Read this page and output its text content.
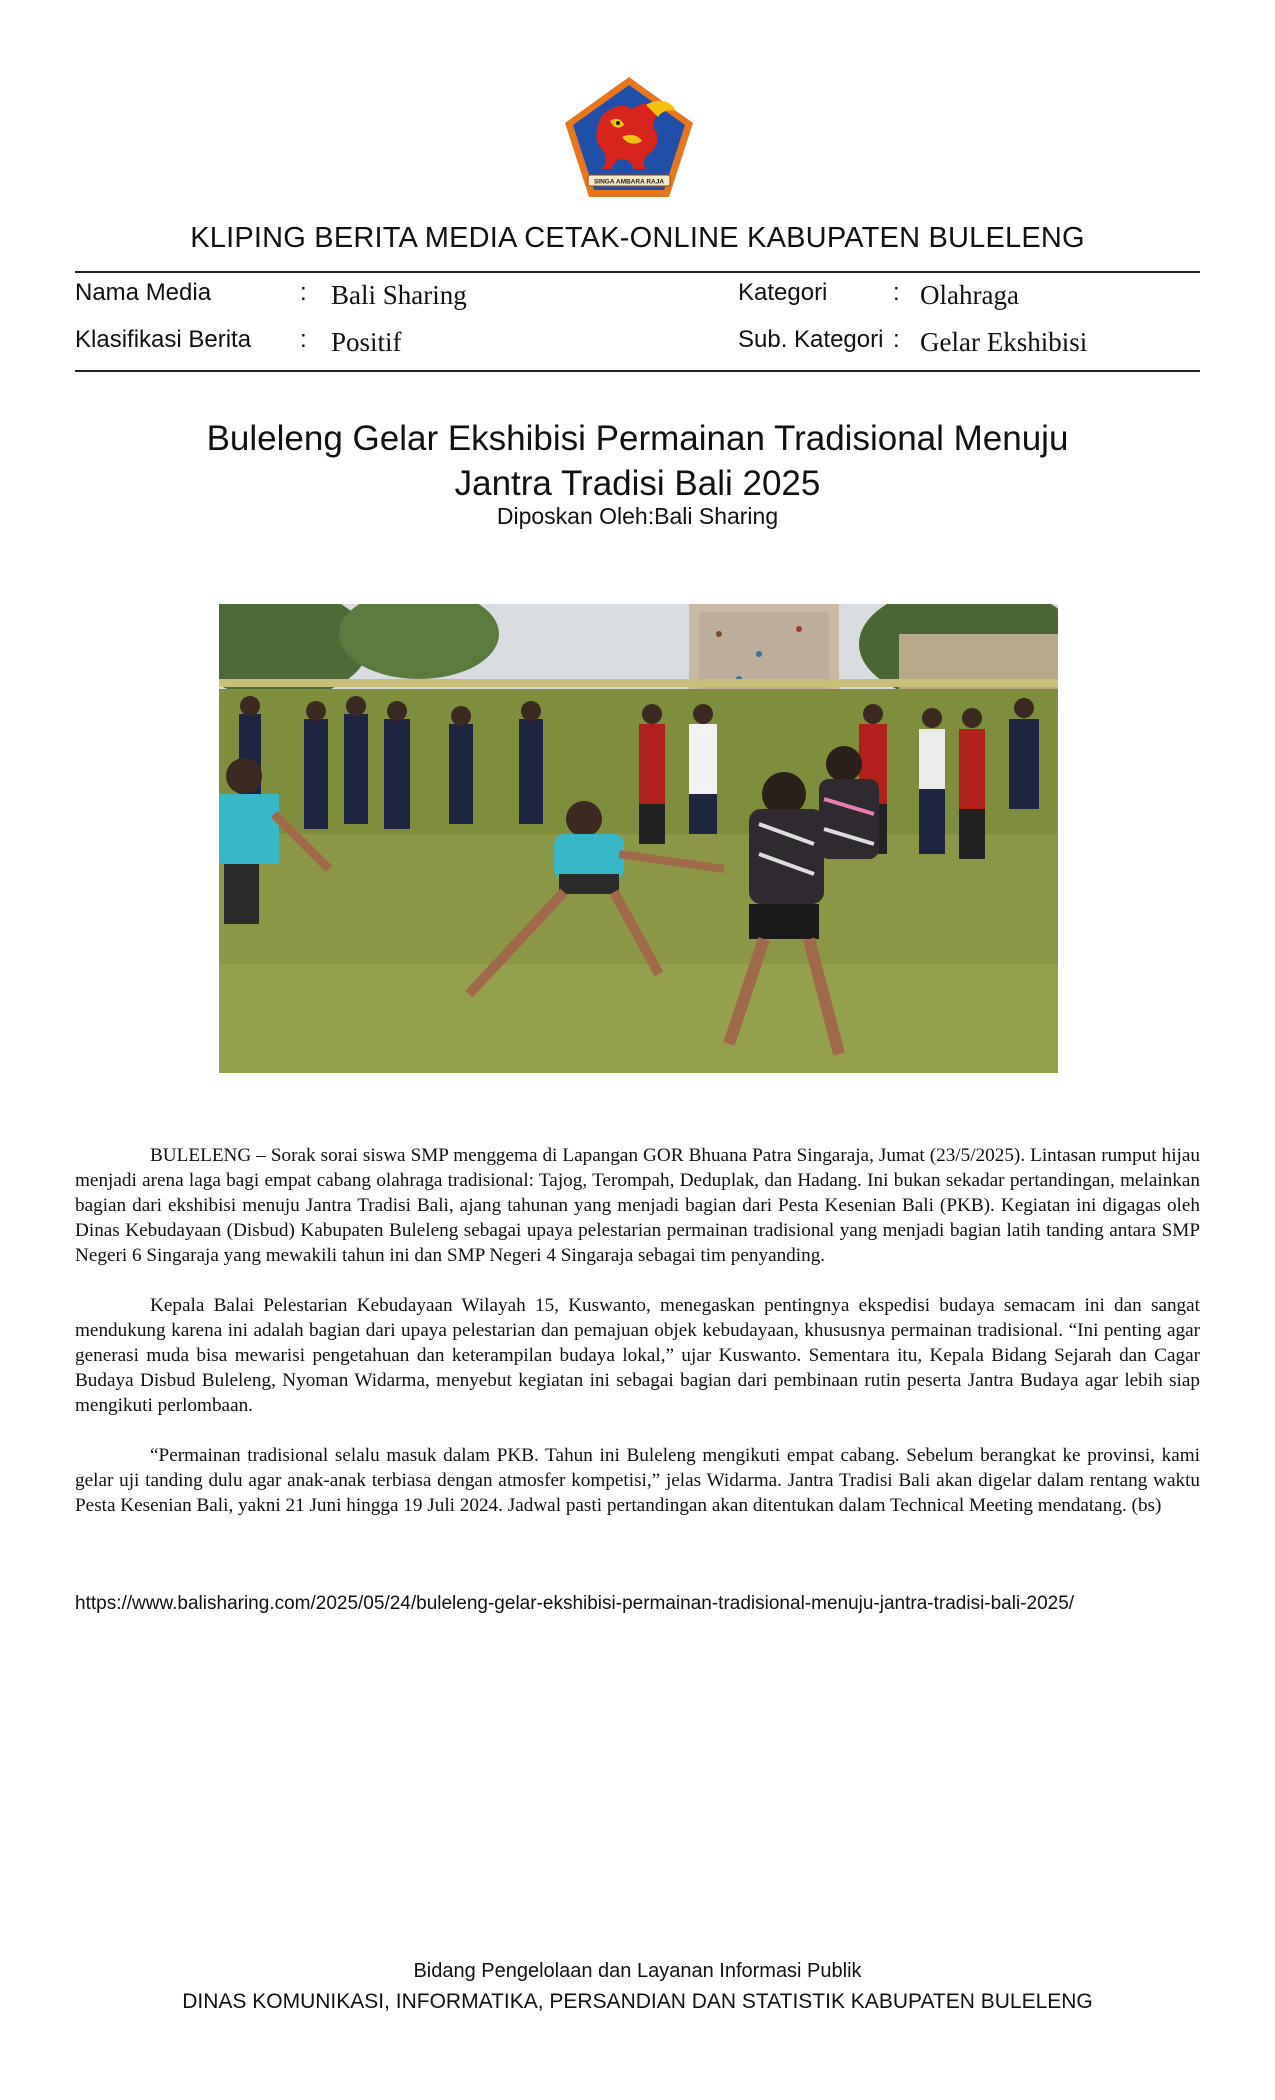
SINGA AMBARA RAJA
KLIPING BERITA MEDIA CETAK-ONLINE KABUPATEN BULELENG
Nama Media	: Bali Sharing
Klasifikasi Berita : Positif
Kategori	: Olahraga
Sub. Kategori : Gelar Ekshibisi
Buleleng Gelar Ekshibisi Permainan Tradisional Menuju
Jantra Tradisi Bali 2025
Diposkan Oleh:Bali Sharing

BULELENG – Sorak sorai siswa SMP menggema di Lapangan GOR Bhuana Patra Singaraja, Jumat (23/5/2025). Lintasan rumput hijau menjadi arena laga bagi empat cabang olahraga tradisional: Tajog, Terompah, Deduplak, dan Hadang. Ini bukan sekadar pertandingan, melainkan bagian dari ekshibisi menuju Jantra Tradisi Bali, ajang tahunan yang menjadi bagian dari Pesta Kesenian Bali (PKB). Kegiatan ini digagas oleh Dinas Kebudayaan (Disbud) Kabupaten Buleleng sebagai upaya pelestarian permainan tradisional yang menjadi bagian latih tanding antara SMP Negeri 6 Singaraja yang mewakili tahun ini dan SMP Negeri 4 Singaraja sebagai tim penyanding.

Kepala Balai Pelestarian Kebudayaan Wilayah 15, Kuswanto, menegaskan pentingnya ekspedisi budaya semacam ini dan sangat mendukung karena ini adalah bagian dari upaya pelestarian dan pemajuan objek kebudayaan, khususnya permainan tradisional. “Ini penting agar generasi muda bisa mewarisi pengetahuan dan keterampilan budaya lokal,” ujar Kuswanto. Sementara itu, Kepala Bidang Sejarah dan Cagar Budaya Disbud Buleleng, Nyoman Widarma, menyebut kegiatan ini sebagai bagian dari pembinaan rutin peserta Jantra Budaya agar lebih siap mengikuti perlombaan.

“Permainan tradisional selalu masuk dalam PKB. Tahun ini Buleleng mengikuti empat cabang. Sebelum berangkat ke provinsi, kami gelar uji tanding dulu agar anak-anak terbiasa dengan atmosfer kompetisi,” jelas Widarma. Jantra Tradisi Bali akan digelar dalam rentang waktu Pesta Kesenian Bali, yakni 21 Juni hingga 19 Juli 2024. Jadwal pasti pertandingan akan ditentukan dalam Technical Meeting mendatang. (bs)

https://www.balisharing.com/2025/05/24/buleleng-gelar-ekshibisi-permainan-tradisional-menuju-jantra-tradisi-bali-2025/
Bidang Pengelolaan dan Layanan Informasi Publik
DINAS KOMUNIKASI, INFORMATIKA, PERSANDIAN DAN STATISTIK KABUPATEN BULELENG
